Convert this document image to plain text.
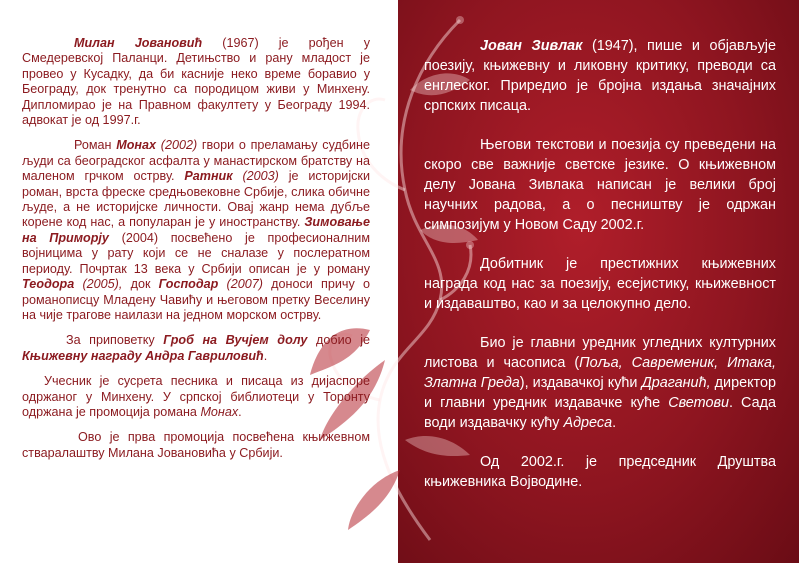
Милан Јовановић (1967) је рођен у Смедеревској Паланци. Детињство и рану младост је провео у Кусадку, да би касније неко време боравио у Београду, док тренутно са породицом живи у Минхену. Дипломирао је на Правном факултету у Београду 1994. адвокат је од 1997.г.

Роман Монах (2002) гвори о преламању судбине људи са београдског асфалта у манастирском братству на маленом грчком острву. Ратник (2003) је историјски роман, врста фреске средњовековне Србије, слика обичне људе, а не историјске личности. Овај жанр нема дубље корене код нас, а популаран је у иностранству. Зимовање на Приморју (2004) посвећено је професионалним војницима у рату који се не сналазе у послератном периоду. Почртак 13 века у Србији описан је у роману Теодора (2005), док Господар (2007) доноси причу о романописцу Младену Чавићу и његовом претку Веселину на чије трагове наилази на једном морском острву.

За приповетку Гроб на Вучјем долу добио је Књижевну награду Андра Гавриловић.

Учесник је сусрета песника и писаца из дијаспоре одржаног у Минхену. У српској библиотеци у Торонту одржана је промоција романа Монах.

Ово је прва промоција посвећена књижевном стваралаштву Милана Јовановића у Србији.

Јован Зивлак (1947), пише и објављује поезију, књижевну и ликовну критику, преводи са енглеског. Приредио је бројна издања значајних српских писаца.

Његови текстови и поезија су преведени на скоро све важније светске језике. О књижевном делу Јована Зивлака написан је велики број научних радова, а о песништву је одржан симпозијум у Новом Саду 2002.г.

Добитник је престижних књижевних награда код нас за поезију, есејистику, књижевност и издаваштво, као и за целокупно дело.

Био је главни уредник угледних културних листова и часописа (Поља, Савременик, Итака, Златна Греда), издавачкој кући Драганић, директор и главни уредник издавачке куће Светови. Сада води издавачку кућу Адреса.

Од 2002.г. је председник Друштва књижевника Војводине.
